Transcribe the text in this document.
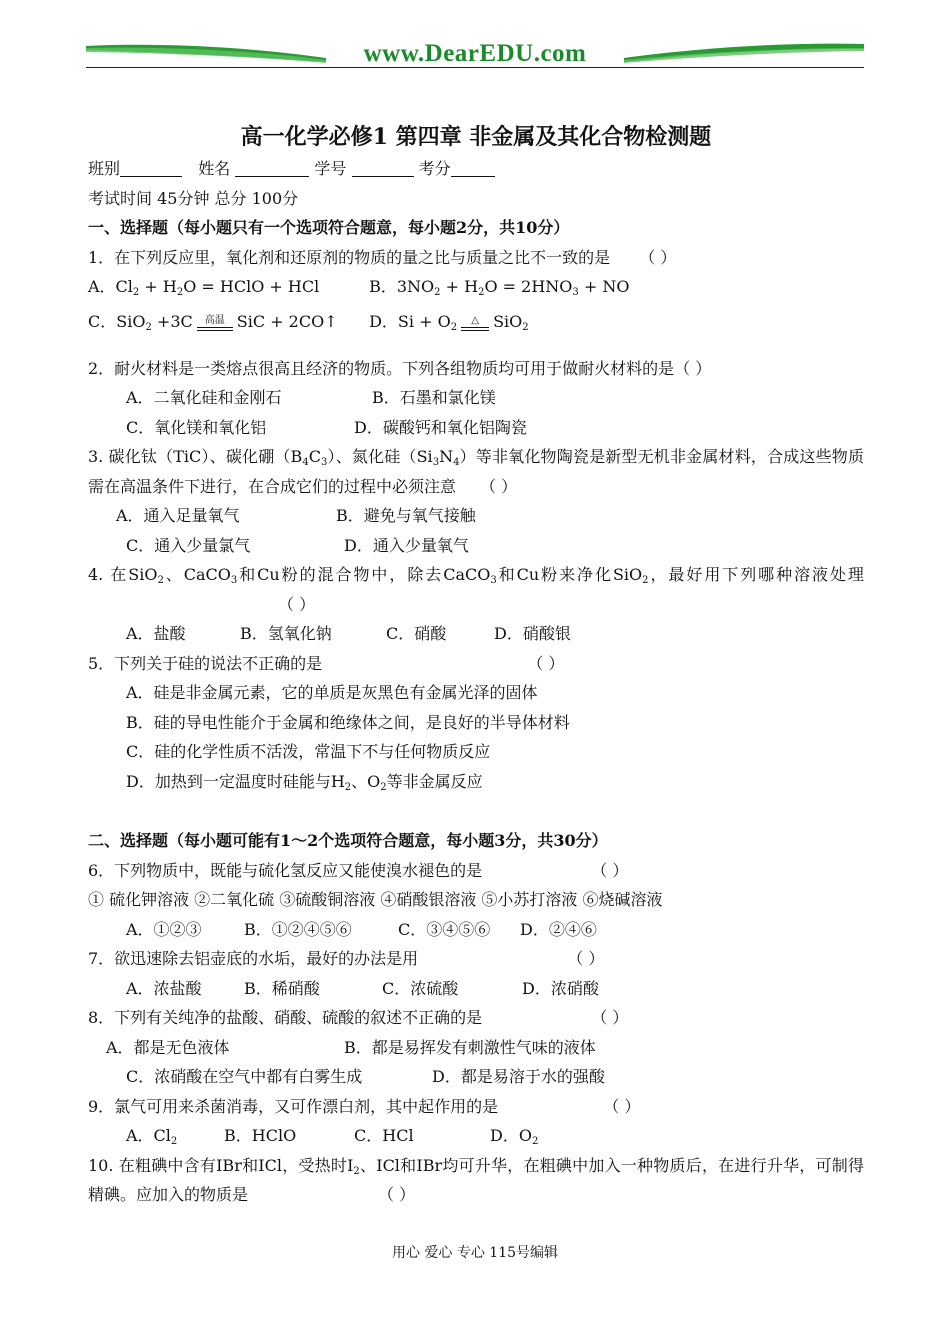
www.DearEDU.com
高一化学必修1 第四章 非金属及其化合物检测题
班别	姓名	学号	考分
考试时间 45分钟 总分 100分
一、选择题（每小题只有一个选项符合题意，每小题2分，共10分）
1．在下列反应里，氧化剂和还原剂的物质的量之比与质量之比不一致的是 （ ）
A．$Cl_2 + H_2O$ = HClO + HCl	B．$3NO_2 + H_2O = 2HNO_3$ + NO
C．SiO$_2$ +3C	高温 SiC + 2CO↑ D．$Si + O_2$
△ SiO$_2$
2．耐火材料是一类熔点很高且经济的物质。下列各组物质均可用于做耐火材料的是（ ）
A．二氧化硅和金刚石	B．石墨和氯化镁
C．氧化镁和氧化铝	D．碳酸钙和氧化铝陶瓷
3. 碳化钛（TiC）、碳化硼$(B_4C_3)$、氮化硅$(Si_3N_4)$等非氧化物陶瓷是新型无机非金属材料，合成这些物质需在高温条件下进行，在合成它们的过程中必须注意 （ ）
A．通入足量氧气	B．避免与氧气接触
C．通入少量氯气	D．通入少量氧气
4. 在SiO$_2$、CaCO$_3$和Cu粉的混合物中，除去CaCO$_3$和Cu粉来净化SiO$_2$，最好用下列哪种溶液处理（ ）
A．盐酸	B．氢氧化钠	C．硝酸	D．硝酸银
5．下列关于硅的说法不正确的是	（ ）
A．硅是非金属元素，它的单质是灰黑色有金属光泽的固体
B．硅的导电性能介于金属和绝缘体之间，是良好的半导体材料
C．硅的化学性质不活泼，常温下不与任何物质反应
D．加热到一定温度时硅能与$H_2$、$O_2$等非金属反应
二、选择题（每小题可能有1～2个选项符合题意，每小题3分，共30分）
6．下列物质中，既能与硫化氢反应又能使溴水褪色的是	（ ）
① 硫化钾溶液 ②二氧化硫 ③硫酸铜溶液 ④硝酸银溶液 ⑤小苏打溶液 ⑥烧碱溶液
A．①②③	B．①②④⑤⑥	C．③④⑤⑥ D．②④⑥
7．欲迅速除去铝壶底的水垢，最好的办法是用	（ ）
A．浓盐酸	B．稀硝酸	C．浓硫酸	D．浓硝酸
8．下列有关纯净的盐酸、硝酸、硫酸的叙述不正确的是	（ ）
A．都是无色液体	B．都是易挥发有刺激性气味的液体
C．浓硝酸在空气中都有白雾生成	D．都是易溶于水的强酸
9．氯气可用来杀菌消毒，又可作漂白剂，其中起作用的是	（ ）
A．$Cl_2$	B．HClO	C．HCl	D．$O_2$
10. 在粗碘中含有IBr和ICl，受热时$I_2$、ICl和IBr均可升华，在粗碘中加入一种物质后，在进行升华，可制得精碘。应加入的物质是	（ ）
用心 爱心 专心 115号编辑
